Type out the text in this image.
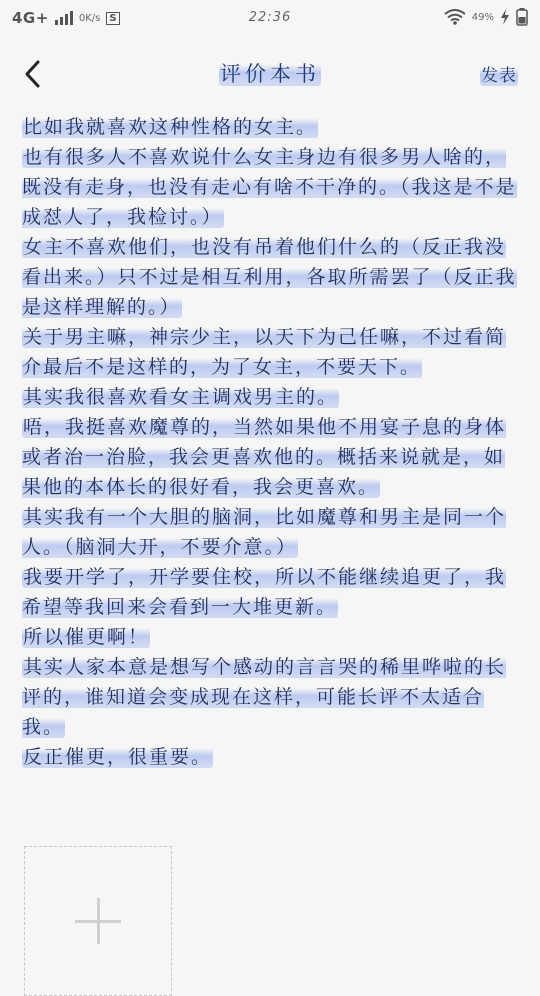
4G+	0K/s S	22:36	49%
评价本书	发表
比如我就喜欢这种性格的女主。
也有很多人不喜欢说什么女主身边有很多男人啥的，既没有走身，也没有走心有啥不干净的。（我这是不是成怼人了，我检讨。）
女主不喜欢他们，也没有吊着他们什么的（反正我没看出来。）只不过是相互利用，各取所需罢了（反正我是这样理解的。）
关于男主嘛，神宗少主，以天下为己任嘛，不过看简介最后不是这样的，为了女主，不要天下。
其实我很喜欢看女主调戏男主的。
唔，我挺喜欢魔尊的，当然如果他不用宴子息的身体或者治一治脸，我会更喜欢他的。概括来说就是，如果他的本体长的很好看，我会更喜欢。
其实我有一个大胆的脑洞，比如魔尊和男主是同一个人。（脑洞大开，不要介意。）
我要开学了，开学要住校，所以不能继续追更了，我希望等我回来会看到一大堆更新。
所以催更啊！
其实人家本意是想写个感动的言言哭的稀里哗啦的长评的，谁知道会变成现在这样，可能长评不太适合我。
反正催更，很重要。
